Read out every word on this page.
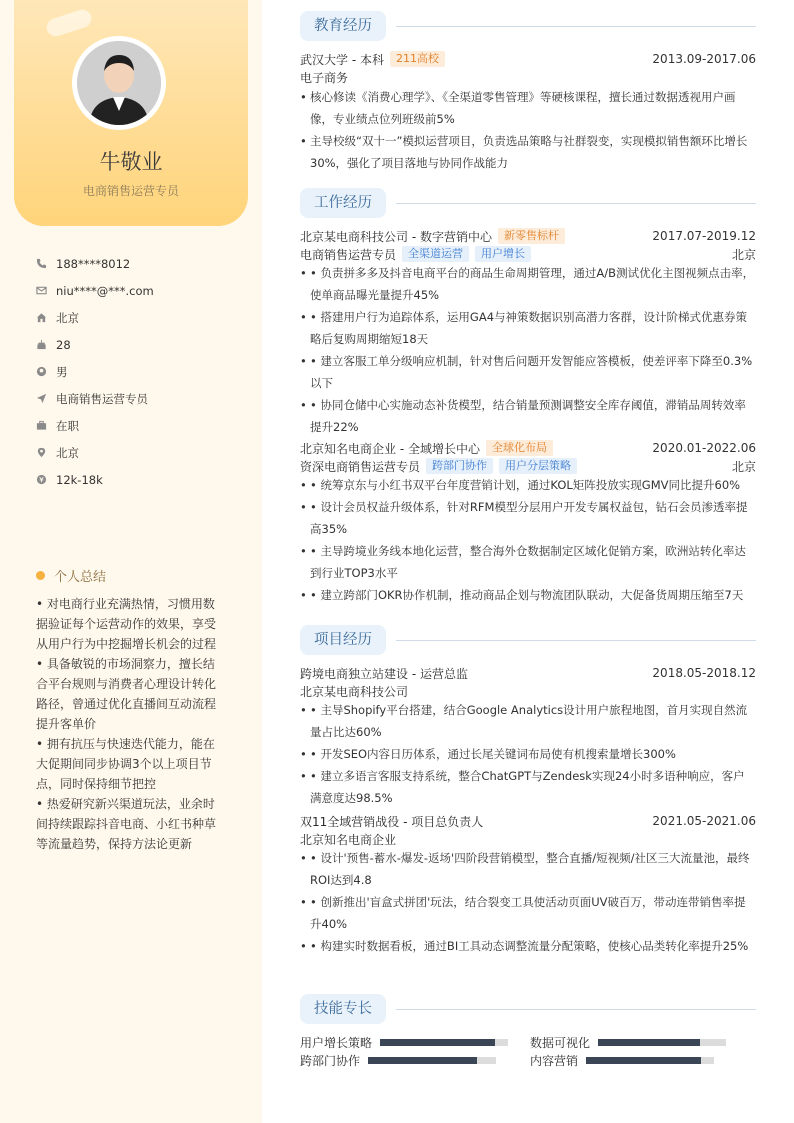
牛敬业
电商销售运营专员
188****8012
niu****@***.com
北京
28
男
电商销售运营专员
在职
北京
12k-18k
个人总结
• 对电商行业充满热情，习惯用数据验证每个运营动作的效果，享受从用户行为中挖掘增长机会的过程
• 具备敏锐的市场洞察力，擅长结合平台规则与消费者心理设计转化路径，曾通过优化直播间互动流程提升客单价
• 拥有抗压与快速迭代能力，能在大促期间同步协调3个以上项目节点，同时保持细节把控
• 热爱研究新兴渠道玩法，业余时间持续跟踪抖音电商、小红书种草等流量趋势，保持方法论更新
教育经历
武汉大学 - 本科	211高校	2013.09-2017.06
电子商务
• 核心修读《消费心理学》、《全渠道零售管理》等硬核课程，擅长通过数据透视用户画像，专业绩点位列班级前5%
• 主导校级“双十一”模拟运营项目，负责选品策略与社群裂变，实现模拟销售额环比增长30%，强化了项目落地与协同作战能力
工作经历
北京某电商科技公司 - 数字营销中心	新零售标杆	2017.07-2019.12
电商销售运营专员	全渠道运营	用户增长	北京
• • 负责拼多多及抖音电商平台的商品生命周期管理，通过A/B测试优化主图视频点击率，使单商品曝光量提升45%
• • 搭建用户行为追踪体系，运用GA4与神策数据识别高潜力客群，设计阶梯式优惠券策略后复购周期缩短18天
• • 建立客服工单分级响应机制，针对售后问题开发智能应答模板，使差评率下降至0.3%以下
• • 协同仓储中心实施动态补货模型，结合销量预测调整安全库存阈值，滞销品周转效率提升22%
北京知名电商企业 - 全域增长中心	全球化布局	2020.01-2022.06
资深电商销售运营专员	跨部门协作	用户分层策略	北京
• • 统筹京东与小红书双平台年度营销计划，通过KOL矩阵投放实现GMV同比提升60%
• • 设计会员权益升级体系，针对RFM模型分层用户开发专属权益包，钻石会员渗透率提高35%
• • 主导跨境业务线本地化运营，整合海外仓数据制定区域化促销方案，欧洲站转化率达到行业TOP3水平
• • 建立跨部门OKR协作机制，推动商品企划与物流团队联动，大促备货周期压缩至7天
项目经历
跨境电商独立站建设 - 运营总监	2018.05-2018.12
北京某电商科技公司
• • 主导Shopify平台搭建，结合Google Analytics设计用户旅程地图，首月实现自然流量占比达60%
• • 开发SEO内容日历体系，通过长尾关键词布局使有机搜索量增长300%
• • 建立多语言客服支持系统，整合ChatGPT与Zendesk实现24小时多语种响应，客户满意度达98.5%
双11全域营销战役 - 项目总负责人	2021.05-2021.06
北京知名电商企业
• • 设计'预售-蓄水-爆发-返场'四阶段营销模型，整合直播/短视频/社区三大流量池，最终ROI达到4.8
• • 创新推出'盲盒式拼团'玩法，结合裂变工具使活动页面UV破百万，带动连带销售率提升40%
• • 构建实时数据看板，通过BI工具动态调整流量分配策略，使核心品类转化率提升25%
技能专长
用户增长策略	数据可视化
跨部门协作	内容营销
